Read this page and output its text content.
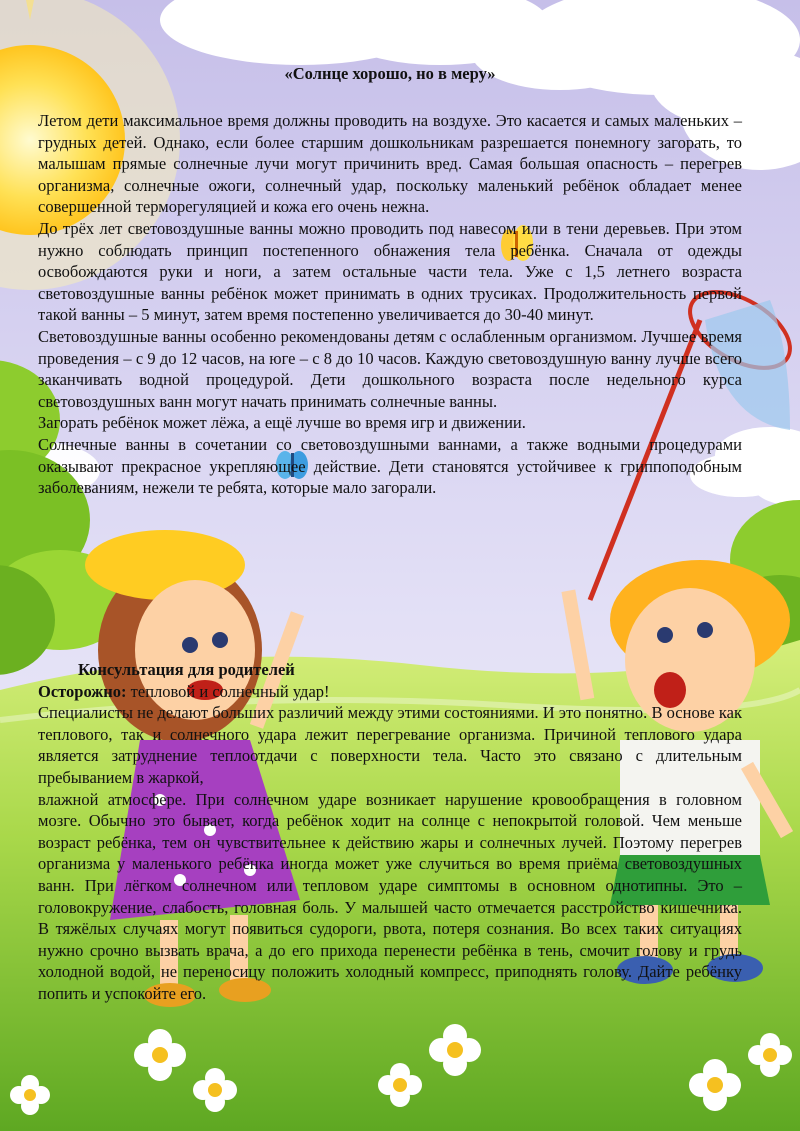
«Солнце хорошо, но в меру»

Летом дети максимальное время должны проводить на воздухе. Это касается и самых маленьких – грудных детей. Однако, если более старшим дошкольникам разрешается понемногу загорать, то малышам прямые солнечные лучи могут причинить вред. Самая большая опасность – перегрев организма, солнечные ожоги, солнечный удар, поскольку маленький ребёнок обладает менее совершенной терморегуляцией и кожа его очень нежна.

До трёх лет световоздушные ванны можно проводить под навесом или в тени деревьев. При этом нужно соблюдать принцип постепенного обнажения тела ребёнка. Сначала от одежды освобождаются руки и ноги, а затем остальные части тела. Уже с 1,5 летнего возраста световоздушные ванны ребёнок может принимать в одних трусиках. Продолжительность первой такой ванны – 5 минут, затем время постепенно увеличивается до 30-40 минут.

Световоздушные ванны особенно рекомендованы детям с ослабленным организмом. Лучшее время проведения – с 9 до 12 часов, на юге – с 8 до 10 часов. Каждую световоздушную ванну лучше всего заканчивать водной процедурой. Дети дошкольного возраста после недельного курса световоздушных ванн могут начать принимать солнечные ванны.

Загорать ребёнок может лёжа, а ещё лучше во время игр и движении.

Солнечные ванны в сочетании со световоздушными ваннами, а также водными процедурами оказывают прекрасное укрепляющее действие. Дети становятся устойчивее к гриппоподобным заболеваниям, нежели те ребята, которые мало загорали.

Консультация для родителей

Осторожно: тепловой и солнечный удар!

Специалисты не делают больших различий между этими состояниями. И это понятно. В основе как теплового, так и солнечного удара лежит перегревание организма. Причиной теплового удара является затруднение теплоотдачи с поверхности тела. Часто это связано с длительным пребыванием в жаркой,

влажной атмосфере. При солнечном ударе возникает нарушение кровообращения в головном мозге. Обычно это бывает, когда ребёнок ходит на солнце с непокрытой головой. Чем меньше возраст ребёнка, тем он чувствительнее к действию жары и солнечных лучей. Поэтому перегрев организма у маленького ребёнка иногда может уже случиться во время приёма световоздушных ванн. При лёгком солнечном или тепловом ударе симптомы в основном однотипны. Это – головокружение, слабость, головная боль. У малышей часто отмечается расстройство кишечника. В тяжёлых случаях могут появиться судороги, рвота, потеря сознания. Во всех таких ситуациях нужно срочно вызвать врача, а до его прихода перенести ребёнка в тень, смочит голову и грудь холодной водой, не переносицу положить холодный компресс, приподнять голову. Дайте ребёнку попить и успокойте его.
